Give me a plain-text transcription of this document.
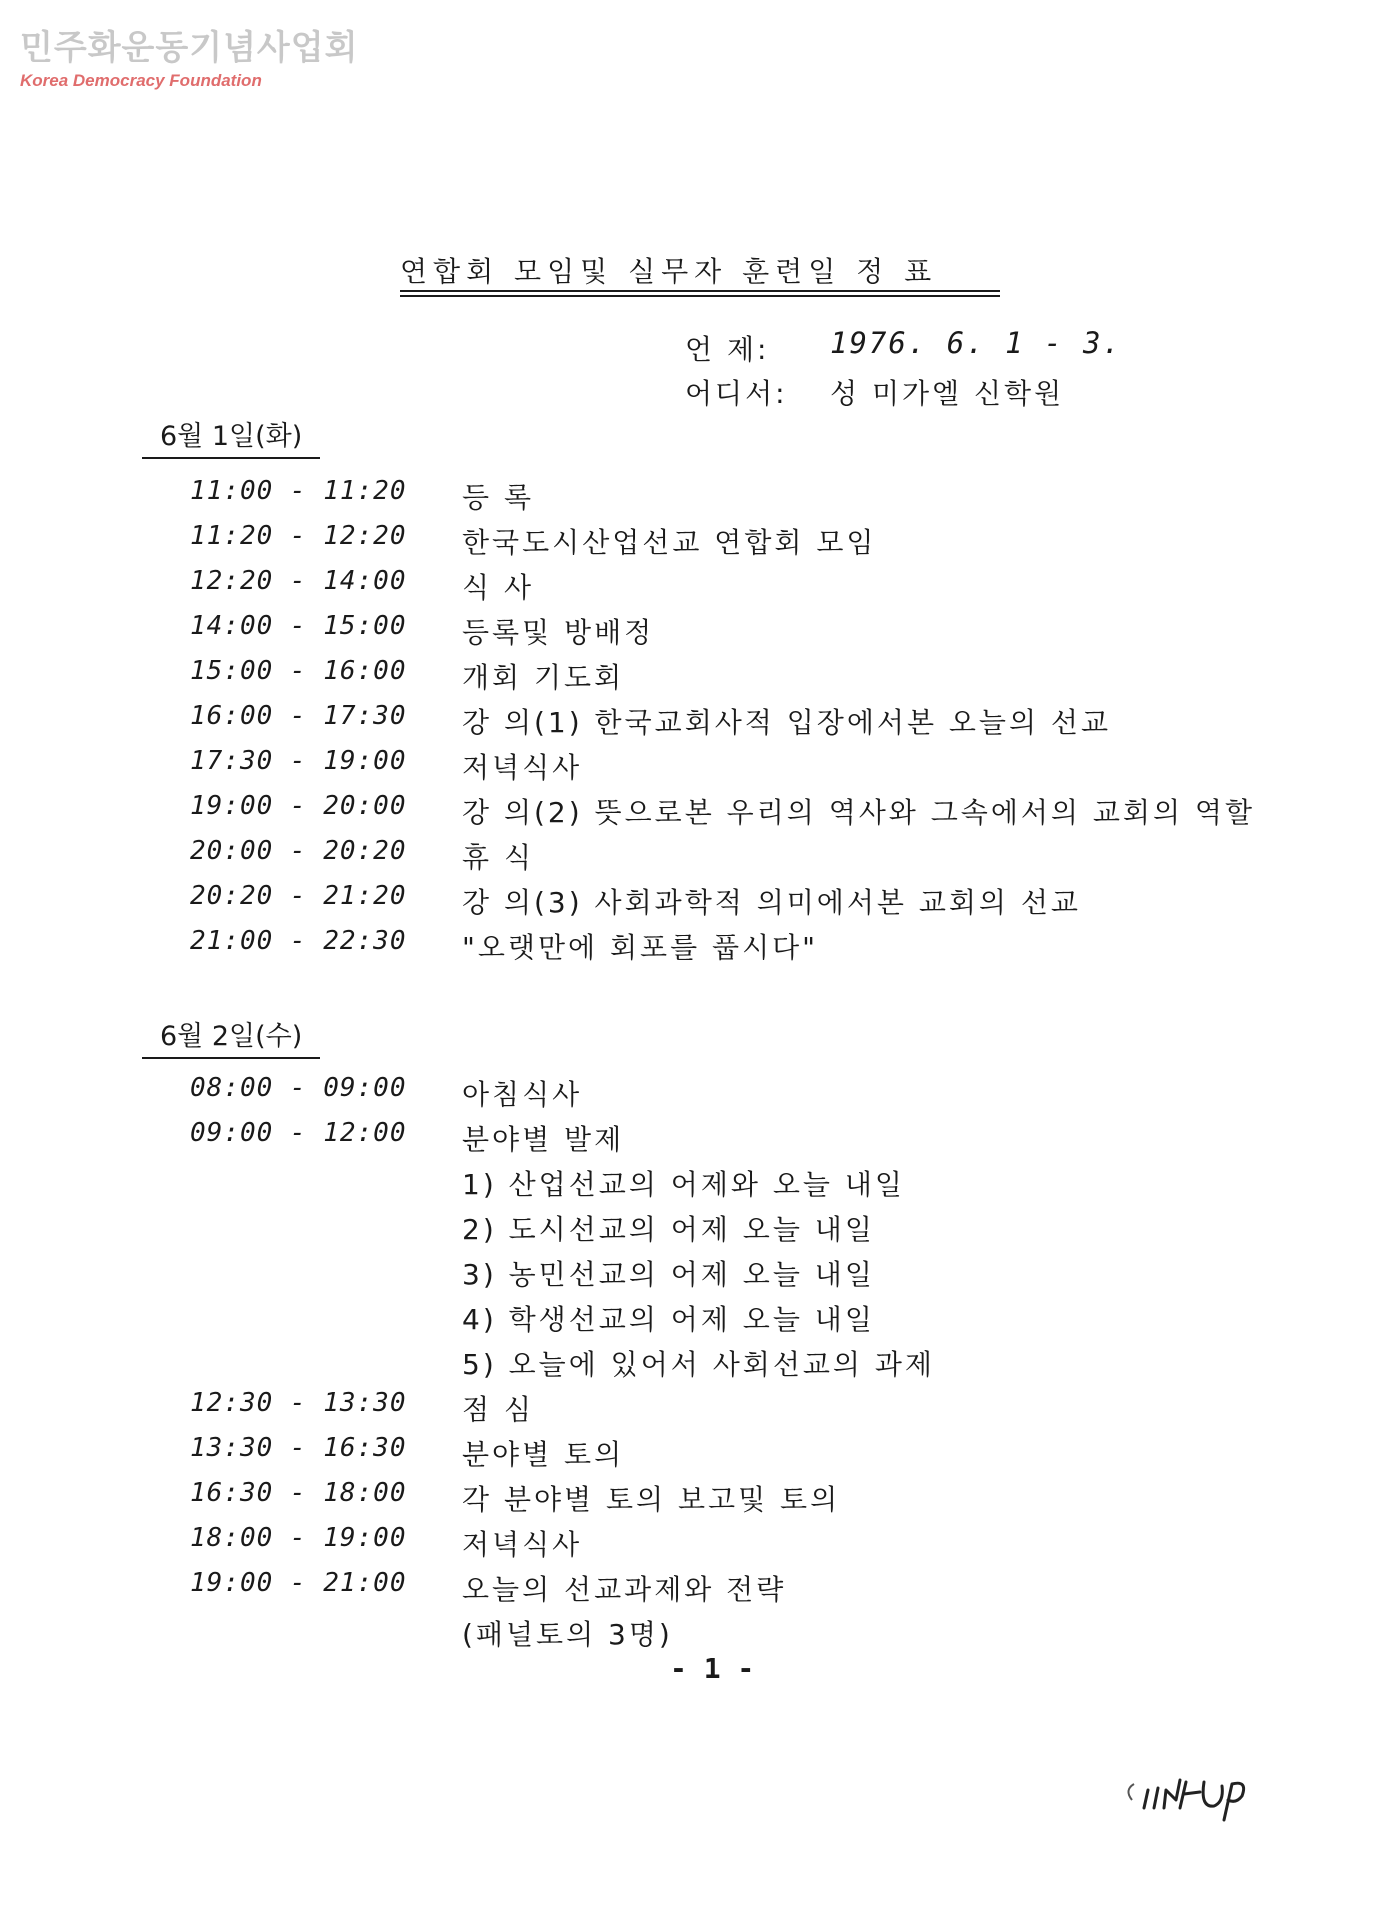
민주화운동기념사업회
Korea Democracy Foundation
연합회 모임및 실무자 훈련일 정 표
언 제: 1976. 6. 1 - 3.
어디서: 성 미가엘 신학원
6월 1일(화)
11:00 - 11:20 등 록
11:20 - 12:20 한국도시산업선교 연합회 모임
12:20 - 14:00 식 사
14:00 - 15:00 등록및 방배정
15:00 - 16:00 개회 기도회
16:00 - 17:30 강 의(1) 한국교회사적 입장에서본 오늘의 선교
17:30 - 19:00 저녁식사
19:00 - 20:00 강 의(2) 뜻으로본 우리의 역사와 그속에서의 교회의 역할
20:00 - 20:20 휴 식
20:20 - 21:20 강 의(3) 사회과학적 의미에서본 교회의 선교
21:00 - 22:30 "오랫만에 회포를 풉시다"
6월 2일(수)
08:00 - 09:00 아침식사
09:00 - 12:00 분야별 발제
1) 산업선교의 어제와 오늘 내일
2) 도시선교의 어제 오늘 내일
3) 농민선교의 어제 오늘 내일
4) 학생선교의 어제 오늘 내일
5) 오늘에 있어서 사회선교의 과제
12:30 - 13:30 점 심
13:30 - 16:30 분야별 토의
16:30 - 18:00 각 분야별 토의 보고및 토의
18:00 - 19:00 저녁식사
19:00 - 21:00 오늘의 선교과제와 전략
(패널토의 3명)
- 1 -
